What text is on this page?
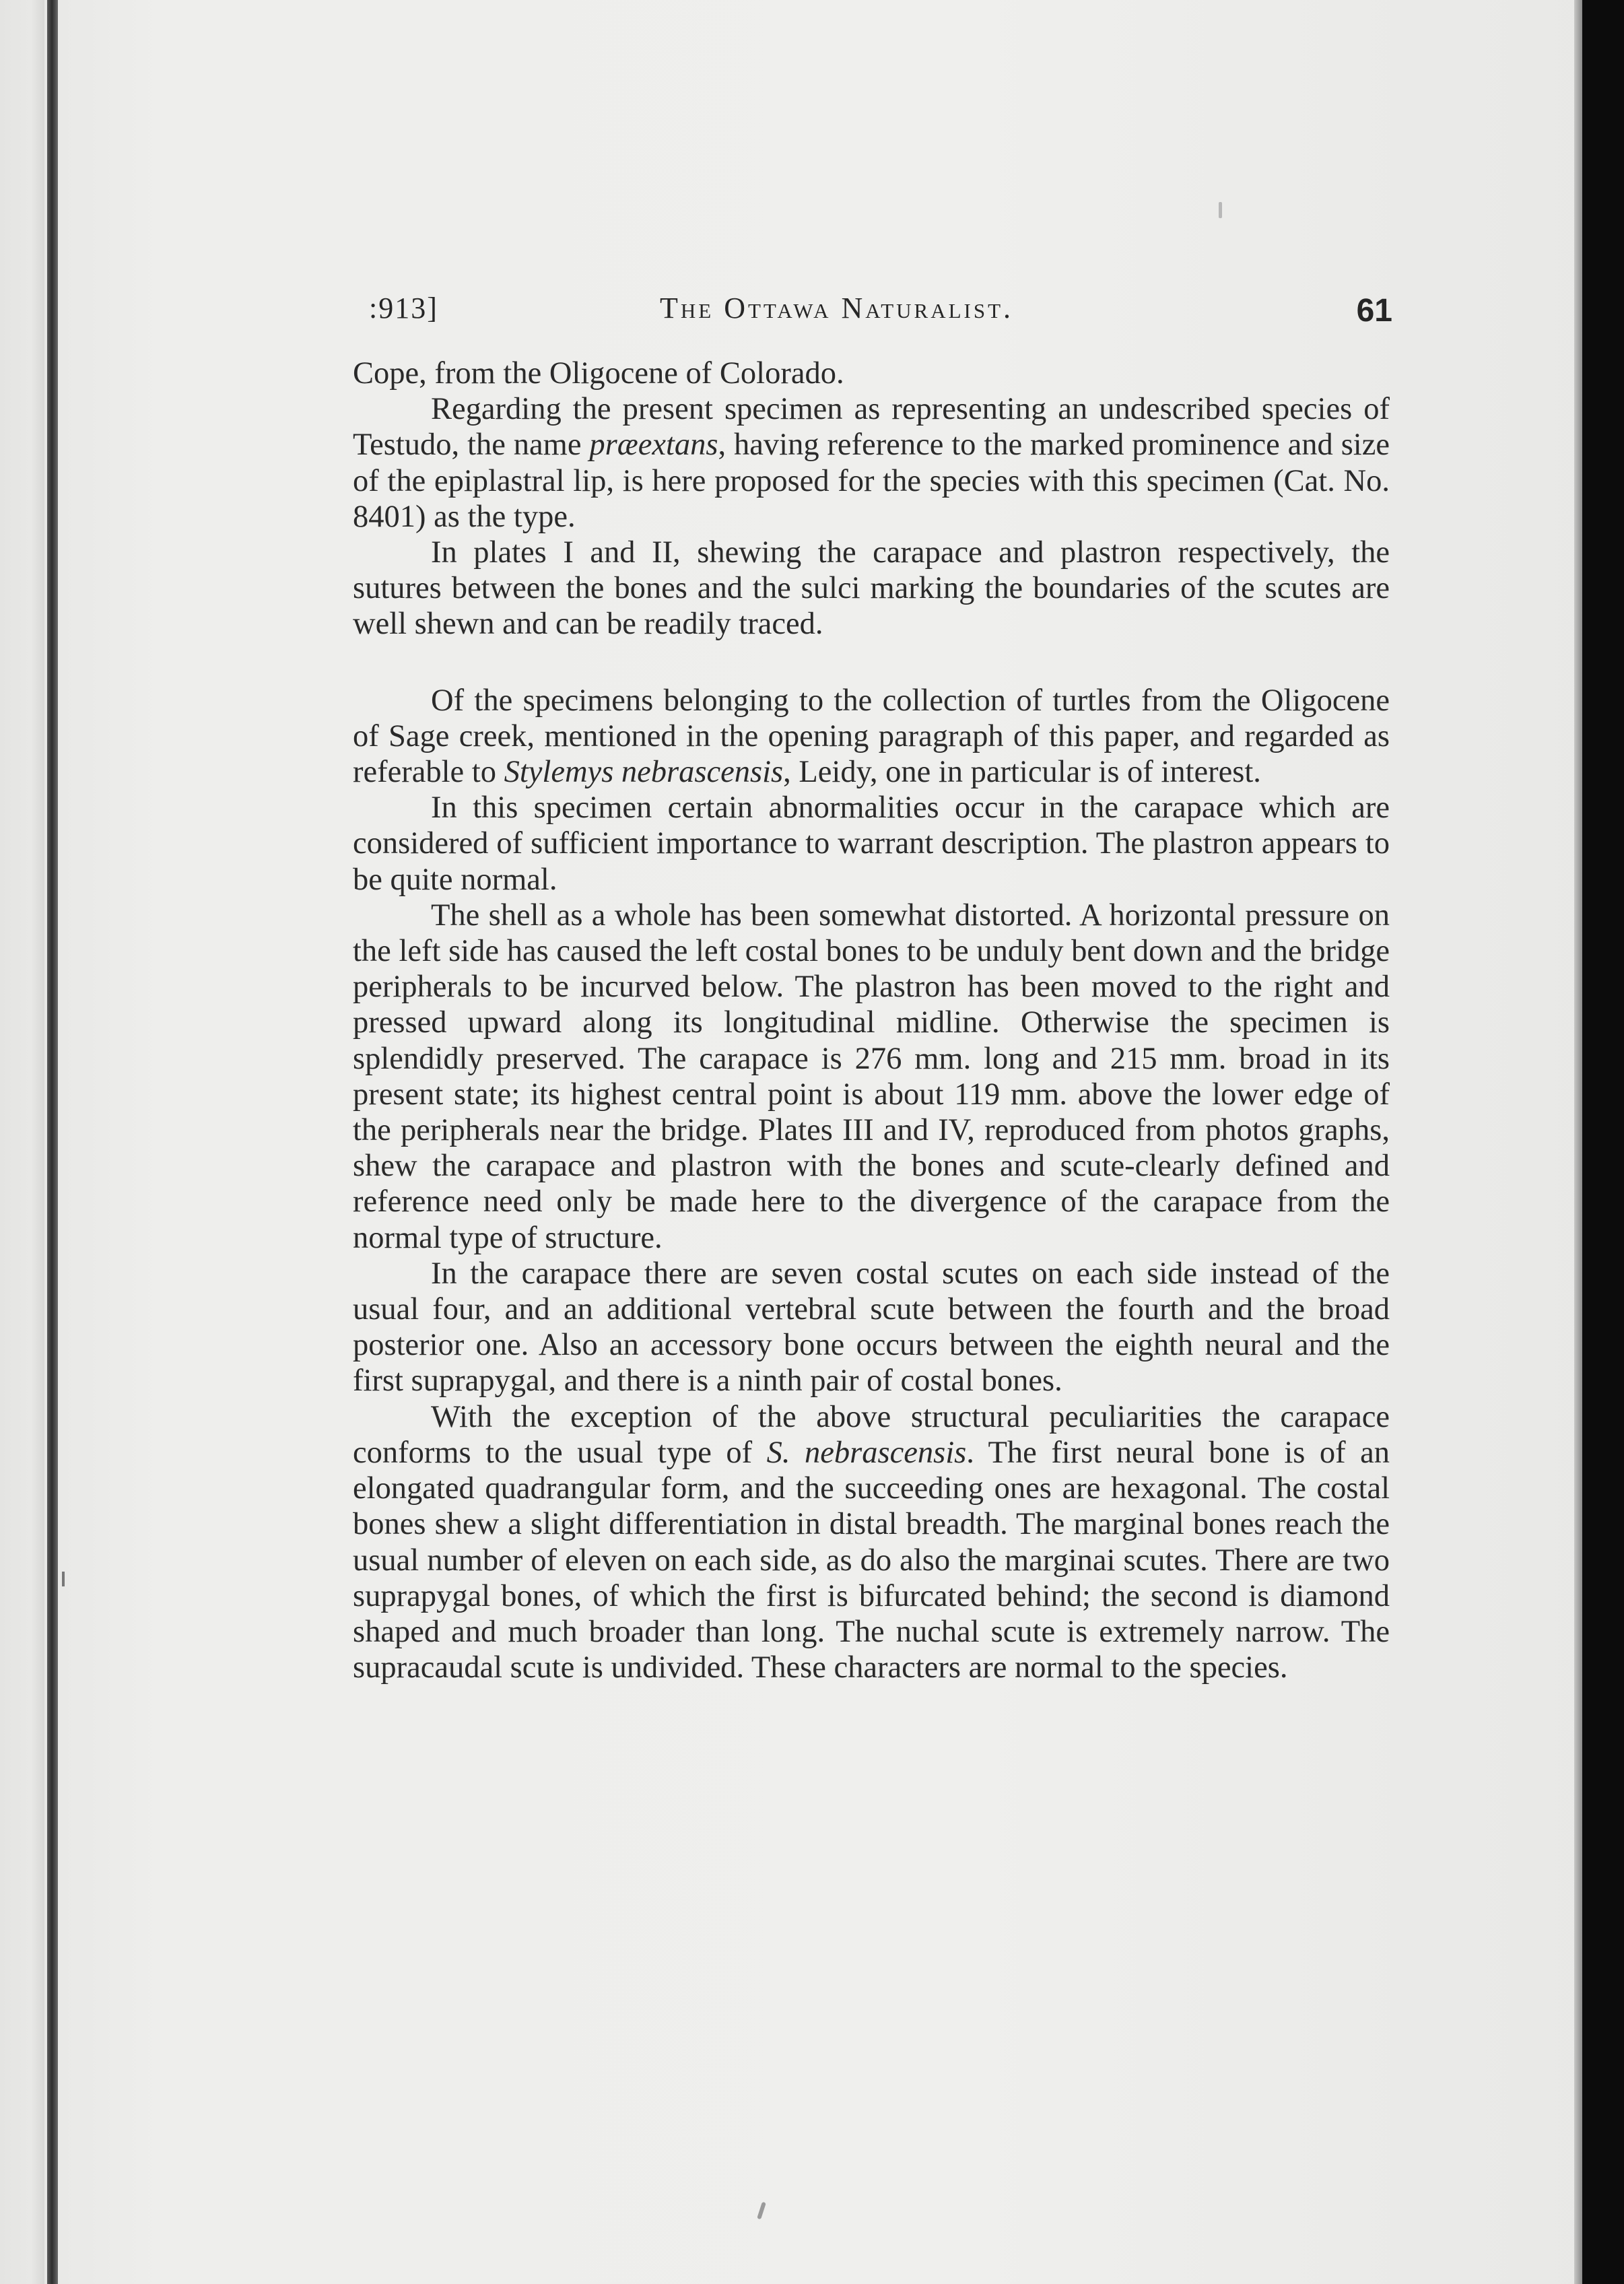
:913]	The Ottawa Naturalist.	61

Cope, from the Oligocene of Colorado.

Regarding the present specimen as representing an undescribed species of Testudo, the name præextans, having reference to the marked prominence and size of the epiplastral lip, is here proposed for the species with this specimen (Cat. No. 8401) as the type.

In plates I and II, shewing the carapace and plastron respectively, the sutures between the bones and the sulci marking the boundaries of the scutes are well shewn and can be readily traced.

Of the specimens belonging to the collection of turtles from the Oligocene of Sage creek, mentioned in the opening paragraph of this paper, and regarded as referable to Stylemys nebrascensis, Leidy, one in particular is of interest.

In this specimen certain abnormalities occur in the carapace which are considered of sufficient importance to warrant description. The plastron appears to be quite normal.

The shell as a whole has been somewhat distorted. A horizontal pressure on the left side has caused the left costal bones to be unduly bent down and the bridge peripherals to be incurved below. The plastron has been moved to the right and pressed upward along its longitudinal midline. Otherwise the specimen is splendidly preserved. The carapace is 276 mm. long and 215 mm. broad in its present state; its highest central point is about 119 mm. above the lower edge of the peripherals near the bridge. Plates III and IV, reproduced from photos graphs, shew the carapace and plastron with the bones and scute-clearly defined and reference need only be made here to the divergence of the carapace from the normal type of structure.

In the carapace there are seven costal scutes on each side instead of the usual four, and an additional vertebral scute between the fourth and the broad posterior one. Also an accessory bone occurs between the eighth neural and the first suprapygal, and there is a ninth pair of costal bones.

With the exception of the above structural peculiarities the carapace conforms to the usual type of S. nebrascensis. The first neural bone is of an elongated quadrangular form, and the succeeding ones are hexagonal. The costal bones shew a slight differentiation in distal breadth. The marginal bones reach the usual number of eleven on each side, as do also the marginai scutes. There are two suprapygal bones, of which the first is bifurcated behind; the second is diamond shaped and much broader than long. The nuchal scute is extremely narrow. The supracaudal scute is undivided. These characters are normal to the species.
